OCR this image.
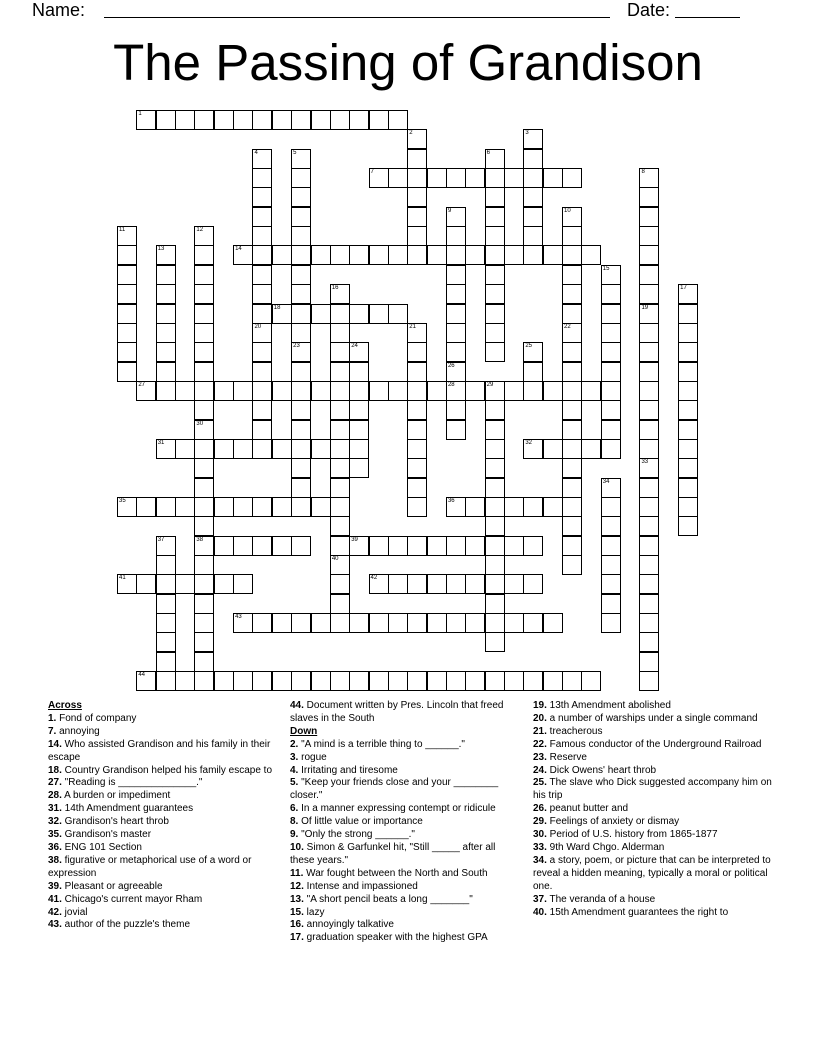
Name:	Date:
The Passing of Grandison
1
2	3
4
20
5	6
7	8
9
26
28
10
22
11	12
13	14
15
16	17
18	19
33
21
23	24	25
27	29
30
38
31	32
34
35	36
37	39
40
41	42
43
44
Across
1. Fond of company
7. annoying
14. Who assisted Grandison and his family in their escape
18. Country Grandison helped his family escape to
27. "Reading is ______________."
28. A burden or impediment
31. 14th Amendment guarantees
32. Grandison's heart throb
35. Grandison's master
36. ENG 101 Section
38. figurative or metaphorical use of a word or expression
39. Pleasant or agreeable
41. Chicago's current mayor Rham
42. jovial
43. author of the puzzle's theme
44. Document written by Pres. Lincoln that freed slaves in the South
Down
2. "A mind is a terrible thing to ______."
3. rogue
4. Irritating and tiresome
5. "Keep your friends close and your ________ closer."
6. In a manner expressing contempt or ridicule
8. Of little value or importance
9. "Only the strong ______."
10. Simon & Garfunkel hit, "Still _____ after all these years."
11. War fought between the North and South
12. Intense and impassioned
13. "A short pencil beats a long _______"
15. lazy
16. annoyingly talkative
17. graduation speaker with the highest GPA
19. 13th Amendment abolished
20. a number of warships under a single command
21. treacherous
22. Famous conductor of the Underground Railroad
23. Reserve
24. Dick Owens' heart throb
25. The slave who Dick suggested accompany him on his trip
26. peanut butter and
29. Feelings of anxiety or dismay
30. Period of U.S. history from 1865-1877
33. 9th Ward Chgo. Alderman
34. a story, poem, or picture that can be interpreted to reveal a hidden meaning, typically a moral or political one.
37. The veranda of a house
40. 15th Amendment guarantees the right to
